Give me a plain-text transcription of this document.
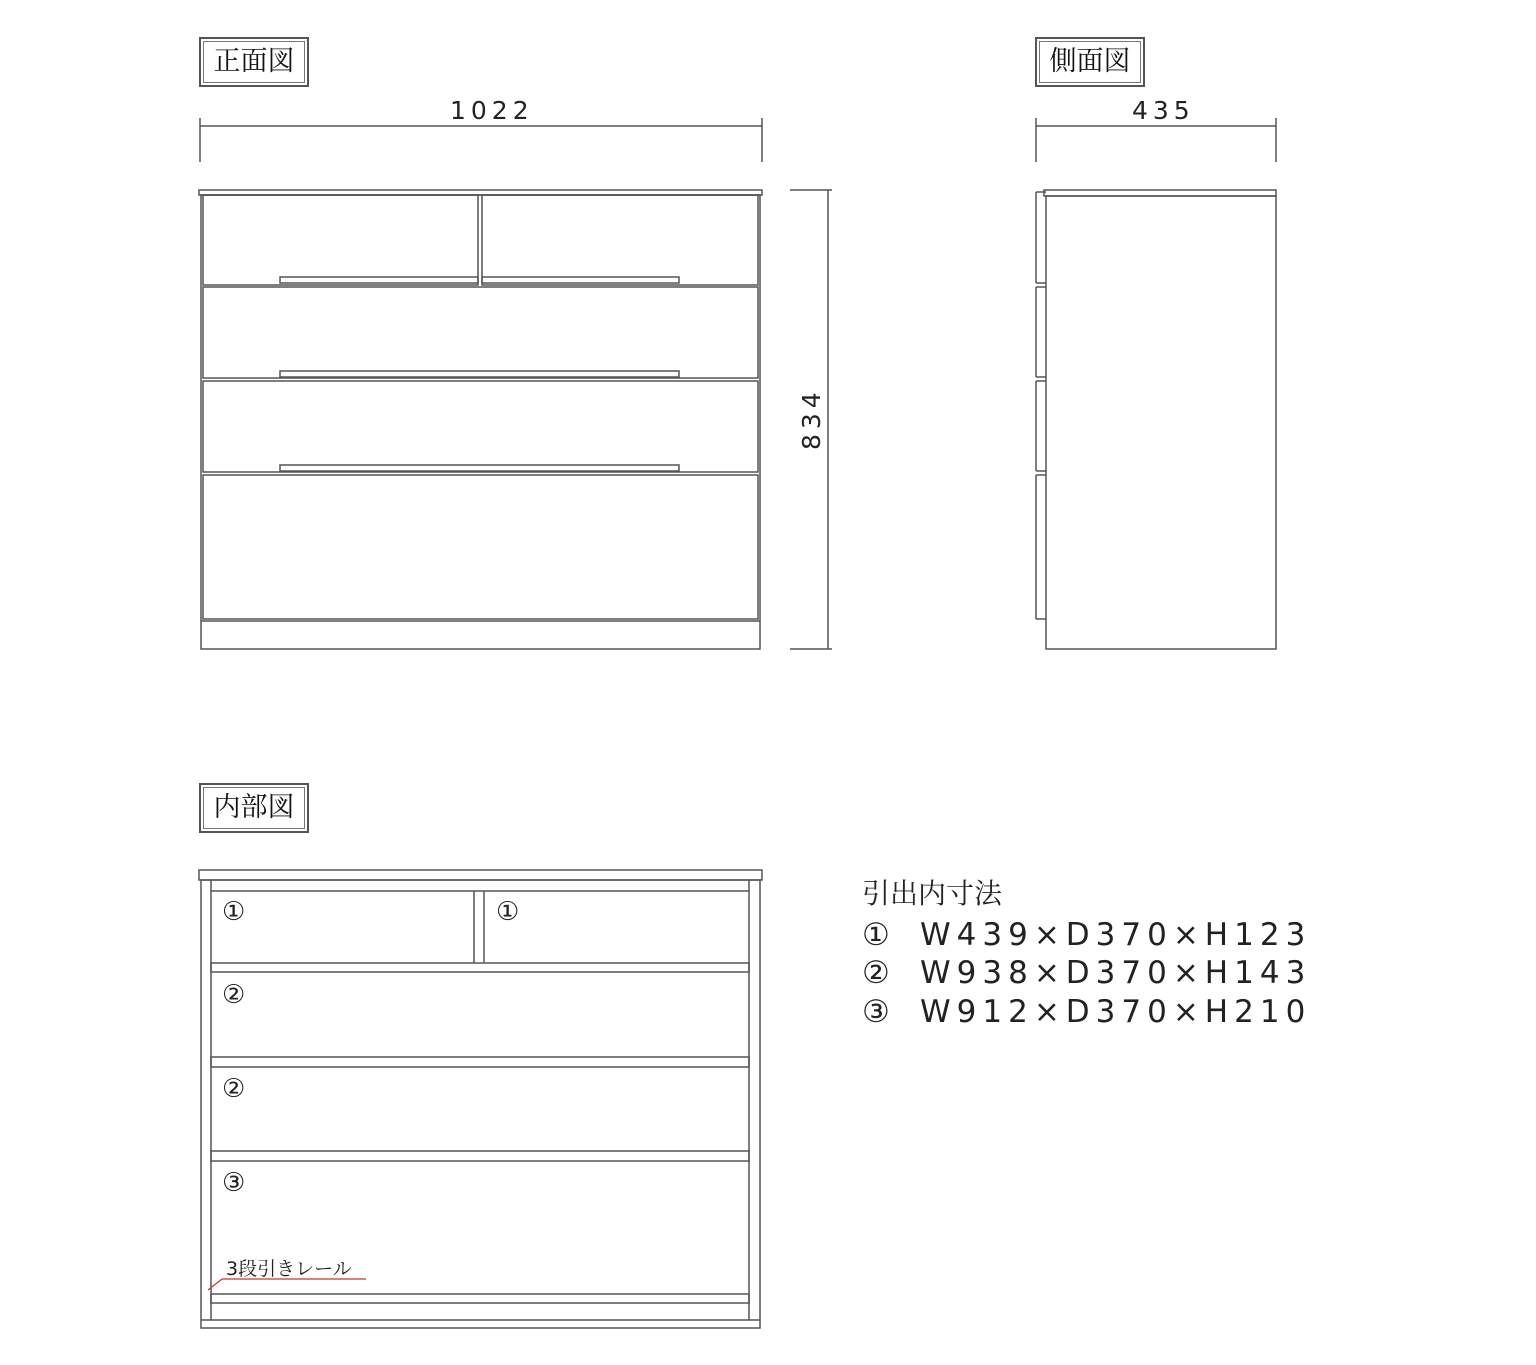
正面図	側面図
内部図
1022	435
834
①	①
②
②
③
3段引きレール
引出内寸法
① W439×D370×H123
② W938×D370×H143
③ W912×D370×H210
